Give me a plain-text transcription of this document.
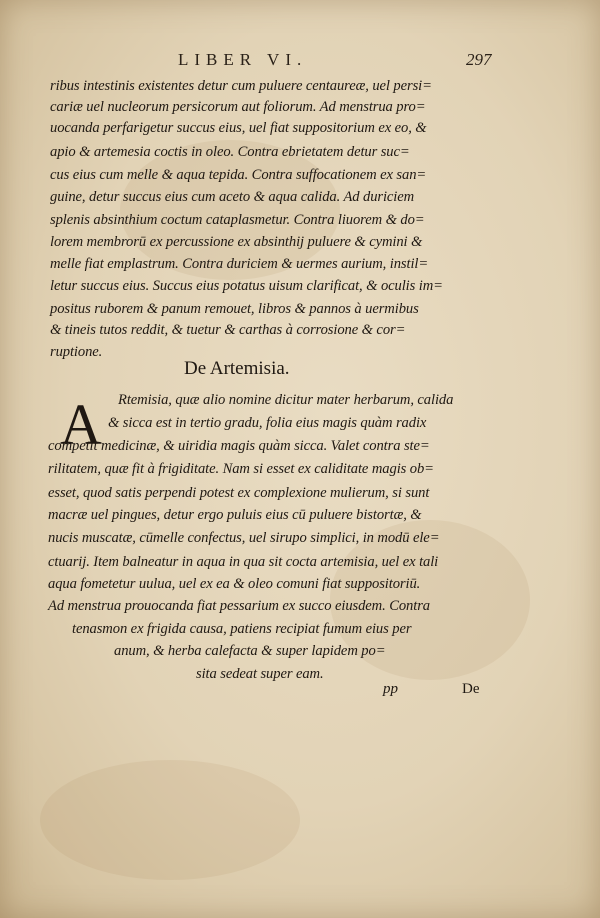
LIBER VI.	297
ribus intestinis existentes detur cum puluere centaureæ, uel persi=
cariæ uel nucleorum persicorum aut foliorum. Ad menstrua pro=
uocanda perfarigetur succus eius, uel fiat suppositorium ex eo, &
apio & artemesia coctis in oleo. Contra ebrietatem detur suc=
cus eius cum melle & aqua tepida. Contra suffocationem ex san=
guine, detur succus eius cum aceto & aqua calida. Ad duriciem
splenis absinthium coctum cataplasmetur. Contra liuorem & do=
lorem membrorū ex percussione ex absinthij puluere & cymini &
melle fiat emplastrum. Contra duriciem & uermes aurium, instil=
letur succus eius. Succus eius potatus uisum clarificat, & oculis im=
positus ruborem & panum remouet, libros & pannos à uermibus
& tineis tutos reddit, & tuetur & carthas à corrosione & cor=
ruptione.
De Artemisia.
A Rtemisia, quæ alio nomine dicitur mater herbarum, calida
& sicca est in tertio gradu, folia eius magis quàm radix
competit medicinæ, & uiridia magis quàm sicca. Valet contra ste=
rilitatem, quæ fit à frigiditate. Nam si esset ex caliditate magis ob=
esset, quod satis perpendi potest ex complexione mulierum, si sunt
macræ uel pingues, detur ergo puluis eius cū puluere bistortæ, &
nucis muscatæ, cūmelle confectus, uel sirupo simplici, in modū ele=
ctuarij. Item balneatur in aqua in qua sit cocta artemisia, uel ex tali
aqua fometetur uulua, uel ex ea & oleo comuni fiat suppositoriū.
Ad menstrua prouocanda fiat pessarium ex succo eiusdem. Contra
tenasmon ex frigida causa, patiens recipiat fumum eius per
anum, & herba calefacta & super lapidem po=
sita sedeat super eam.
pp	De
